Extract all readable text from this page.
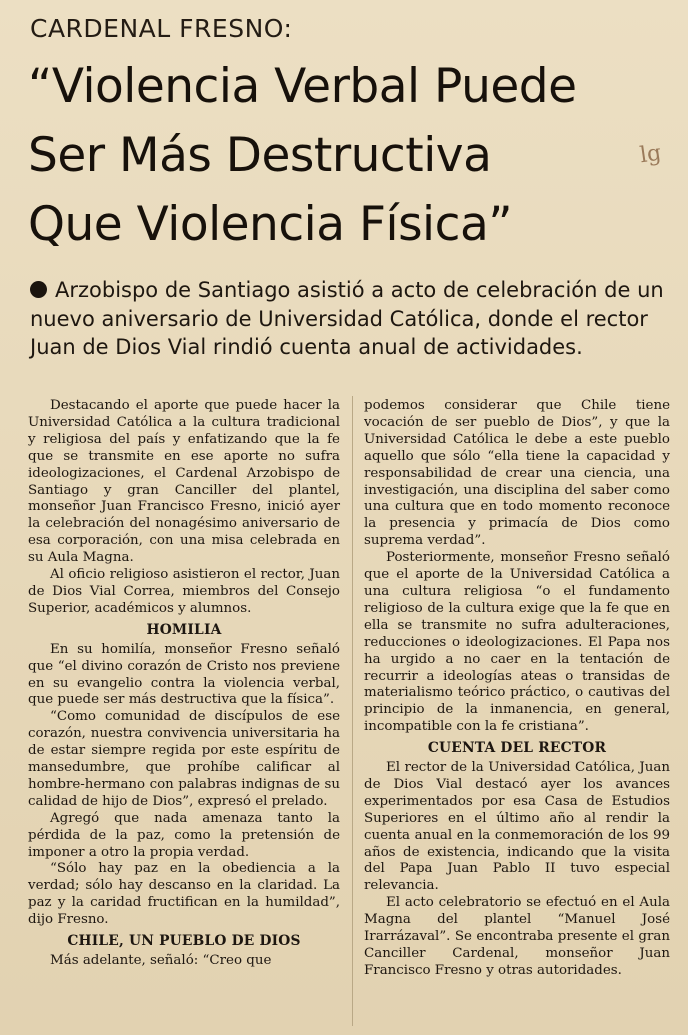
CARDENAL FRESNO:
“Violencia Verbal Puede
Ser Más Destructiva
Que Violencia Física”
lg
Arzobispo de Santiago asistió a acto de celebración de un nuevo aniversario de Universidad Católica, donde el rector Juan de Dios Vial rindió cuenta anual de actividades.

Destacando el aporte que puede hacer la Universidad Católica a la cultura tradicional y religiosa del país y enfatizando que la fe que se transmite en ese aporte no sufra ideologizaciones, el Cardenal Arzobispo de Santiago y gran Canciller del plantel, monseñor Juan Francisco Fresno, inició ayer la celebración del nonagésimo aniversario de esa corporación, con una misa celebrada en su Aula Magna.

Al oficio religioso asistieron el rector, Juan de Dios Vial Correa, miembros del Consejo Superior, académicos y alumnos.

HOMILIA

En su homilía, monseñor Fresno señaló que “el divino corazón de Cristo nos previene en su evangelio contra la violencia verbal, que puede ser más destructiva que la física”.

“Como comunidad de discípulos de ese corazón, nuestra convivencia universitaria ha de estar siempre regida por este espíritu de mansedumbre, que prohíbe calificar al hombre-hermano con palabras indignas de su calidad de hijo de Dios”, expresó el prelado.

Agregó que nada amenaza tanto la pérdida de la paz, como la pretensión de imponer a otro la propia verdad.

“Sólo hay paz en la obediencia a la verdad; sólo hay descanso en la claridad. La paz y la caridad fructifican en la humildad”, dijo Fresno.

CHILE, UN PUEBLO DE DIOS

Más adelante, señaló: “Creo que

podemos considerar que Chile tiene vocación de ser pueblo de Dios”, y que la Universidad Católica le debe a este pueblo aquello que sólo “ella tiene la capacidad y responsabilidad de crear una ciencia, una investigación, una disciplina del saber como una cultura que en todo momento reconoce la presencia y primacía de Dios como suprema verdad”.

Posteriormente, monseñor Fresno señaló que el aporte de la Universidad Católica a una cultura religiosa “o el fundamento religioso de la cultura exige que la fe que en ella se transmite no sufra adulteraciones, reducciones o ideologizaciones. El Papa nos ha urgido a no caer en la tentación de recurrir a ideologías ateas o transidas de materialismo teórico práctico, o cautivas del principio de la inmanencia, en general, incompatible con la fe cristiana”.

CUENTA DEL RECTOR

El rector de la Universidad Católica, Juan de Dios Vial destacó ayer los avances experimentados por esa Casa de Estudios Superiores en el último año al rendir la cuenta anual en la conmemoración de los 99 años de existencia, indicando que la visita del Papa Juan Pablo II tuvo especial relevancia.

El acto celebratorio se efectuó en el Aula Magna del plantel “Manuel José Irarrázaval”. Se encontraba presente el gran Canciller Cardenal, monseñor Juan Francisco Fresno y otras autoridades.
